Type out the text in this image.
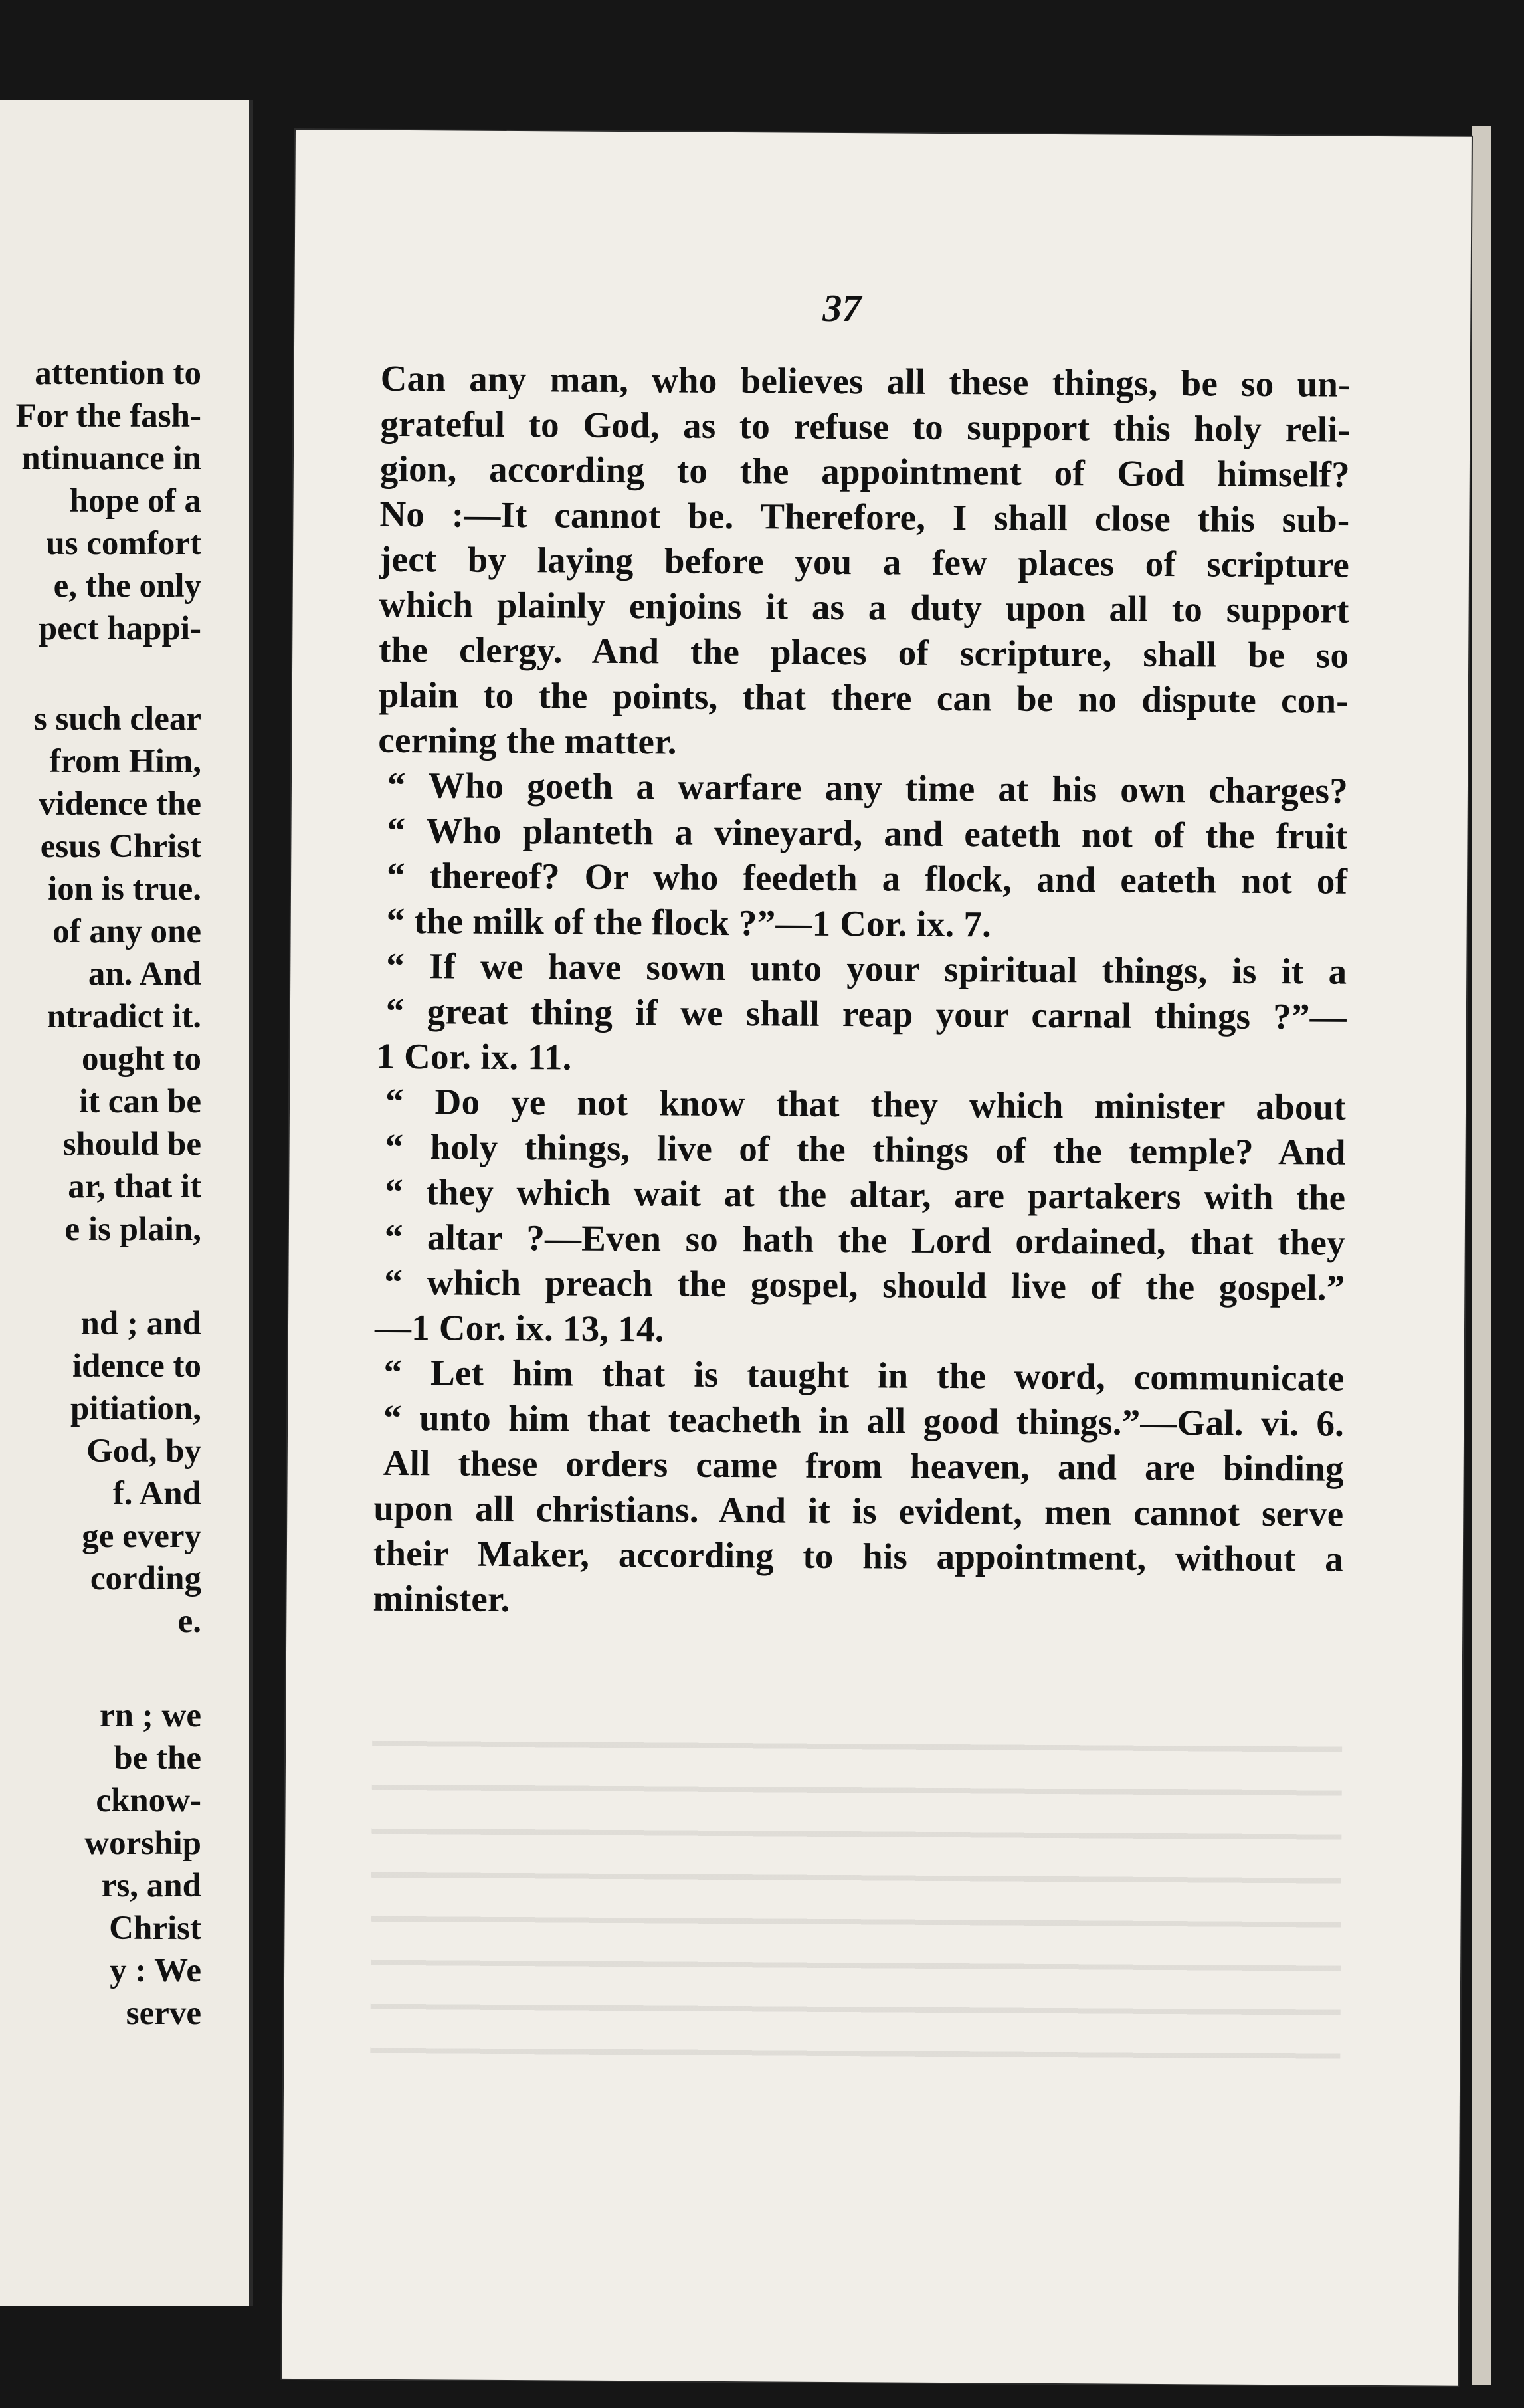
attention to
For the fash-
ntinuance in
hope of a
us comfort
e, the only
pect happi-
s such clear
from Him,
vidence the
esus Christ
ion is true.
of any one
an. And
ntradict it.
ought to
it can be
should be
ar, that it
e is plain,
nd ; and
idence to
pitiation,
God, by
f. And
ge every
cording
e.
rn ; we
be the
cknow-
worship
rs, and
Christ
y : We
serve
37
Can any man, who believes all these things, be so un-
grateful to God, as to refuse to support this holy reli-
gion, according to the appointment of God himself?
No :—It cannot be. Therefore, I shall close this sub-
ject by laying before you a few places of scripture
which plainly enjoins it as a duty upon all to support
the clergy. And the places of scripture, shall be so
plain to the points, that there can be no dispute con-
cerning the matter.
“ Who goeth a warfare any time at his own charges?
“ Who planteth a vineyard, and eateth not of the fruit
“ thereof? Or who feedeth a flock, and eateth not of
“ the milk of the flock ?”—1 Cor. ix. 7.
“ If we have sown unto your spiritual things, is it a
“ great thing if we shall reap your carnal things ?”—
1 Cor. ix. 11.
“ Do ye not know that they which minister about
“ holy things, live of the things of the temple? And
“ they which wait at the altar, are partakers with the
“ altar ?—Even so hath the Lord ordained, that they
“ which preach the gospel, should live of the gospel.”
—1 Cor. ix. 13, 14.
“ Let him that is taught in the word, communicate
“ unto him that teacheth in all good things.”—Gal. vi. 6.
All these orders came from heaven, and are binding
upon all christians. And it is evident, men cannot serve
their Maker, according to his appointment, without a
minister.
